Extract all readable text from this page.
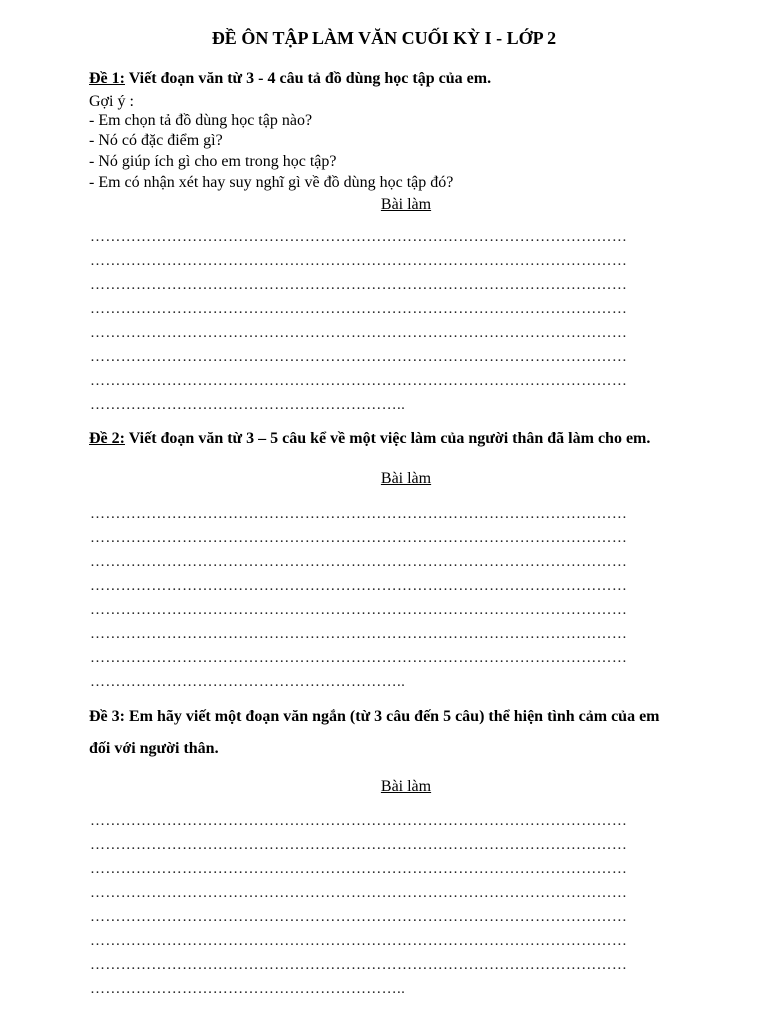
ĐỀ ÔN TẬP LÀM VĂN CUỐI KỲ I - LỚP 2
Đề 1: Viết đoạn văn từ 3 - 4 câu tả đồ dùng học tập của em.
Gợi ý :
- Em chọn tả đồ dùng học tập nào?
- Nó có đặc điểm gì?
- Nó giúp ích gì cho em trong học tập?
- Em có nhận xét hay suy nghĩ gì về đồ dùng học tập đó?
Bài làm
……………………………………………………………………………………………
……………………………………………………………………………………………
……………………………………………………………………………………………
……………………………………………………………………………………………
……………………………………………………………………………………………
……………………………………………………………………………………………
……………………………………………………………………………………………
……………………………………………………..
Đề 2: Viết đoạn văn từ 3 – 5 câu kể về một việc làm của người thân đã làm cho em.
Bài làm
……………………………………………………………………………………………
……………………………………………………………………………………………
……………………………………………………………………………………………
……………………………………………………………………………………………
……………………………………………………………………………………………
……………………………………………………………………………………………
……………………………………………………………………………………………
……………………………………………………..
Đề 3: Em hãy viết một đoạn văn ngắn (từ 3 câu đến 5 câu) thể hiện tình cảm của em
đối với người thân.
Bài làm
……………………………………………………………………………………………
……………………………………………………………………………………………
……………………………………………………………………………………………
……………………………………………………………………………………………
……………………………………………………………………………………………
……………………………………………………………………………………………
……………………………………………………………………………………………
……………………………………………………..
